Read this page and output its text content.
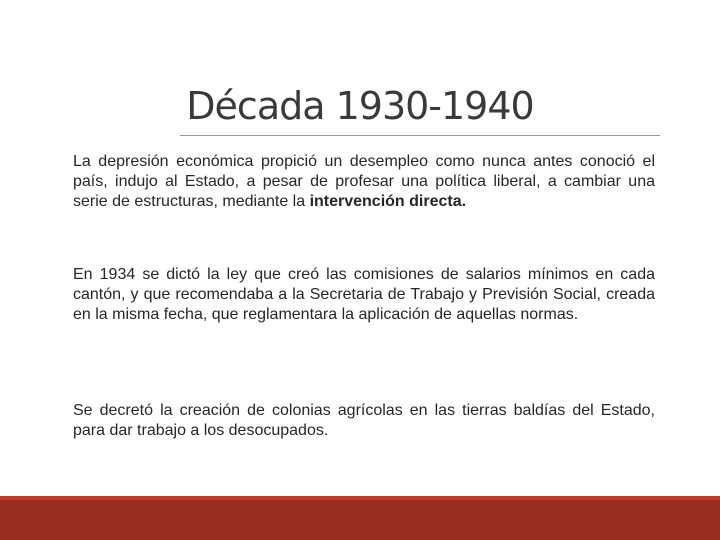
Década 1930-1940

La depresión económica propició un desempleo como nunca antes conoció el país, indujo al Estado, a pesar de profesar una política liberal, a cambiar una serie de estructuras, mediante la intervención directa.

En 1934 se dictó la ley que creó las comisiones de salarios mínimos en cada cantón, y que recomendaba a la Secretaria de Trabajo y Previsión Social, creada en la misma fecha, que reglamentara la aplicación de aquellas normas.

Se decretó la creación de colonias agrícolas en las tierras baldías del Estado, para dar trabajo a los desocupados.
